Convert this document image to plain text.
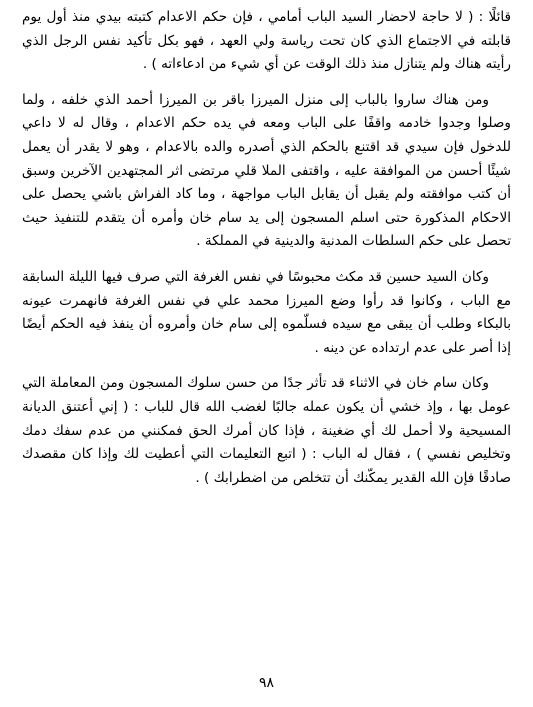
قائلًا : ( لا حاجة لاحضار السيد الباب أمامي ، فإن حكم الاعدام كتبته بيدي منذ أول يوم قابلته في الاجتماع الذي كان تحت رياسة ولي العهد ، فهو بكل تأكيد نفس الرجل الذي رأيته هناك ولم يتنازل منذ ذلك الوقت عن أي شيء من ادعاءاته ) .

ومن هناك ساروا بالباب إلى منزل الميرزا باقر بن الميرزا أحمد الذي خلفه ، ولما وصلوا وجدوا خادمه واقفًا على الباب ومعه في يده حكم الاعدام ، وقال له لا داعي للدخول فإن سيدي قد اقتنع بالحكم الذي أصدره والده بالاعدام ، وهو لا يقدر أن يعمل شيئًا أحسن من الموافقة عليه ، واقتفى الملا قلي مرتضى اثر المجتهدين الآخرين وسبق أن كتب موافقته ولم يقبل أن يقابل الباب مواجهة ، وما كاد الفراش باشي يحصل على الاحكام المذكورة حتى اسلم المسجون إلى يد سام خان وأمره أن يتقدم للتنفيذ حيث تحصل على حكم السلطات المدنية والدينية في المملكة .

وكان السيد حسين قد مكث محبوسًا في نفس الغرفة التي صرف فيها الليلة السابقة مع الباب ، وكانوا قد رأوا وضع الميرزا محمد علي في نفس الغرفة فانهمرت عيونه بالبكاء وطلب أن يبقى مع سيده فسلّموه إلى سام خان وأمروه أن ينفذ فيه الحكم أيضًا إذا أصر على عدم ارتداده عن دينه .

وكان سام خان في الاثناء قد تأثر جدًا من حسن سلوك المسجون ومن المعاملة التي عومل بها ، وإذ خشي أن يكون عمله جالبًا لغضب الله قال للباب : ( إني أعتنق الديانة المسيحية ولا أحمل لك أي ضغينة ، فإذا كان أمرك الحق فمكنني من عدم سفك دمك وتخليص نفسي ) ، فقال له الباب : ( اتبع التعليمات التي أعطيت لك وإذا كان مقصدك صادقًا فإن الله القدير يمكّنك أن تتخلص من اضطرابك ) .

٩٨
